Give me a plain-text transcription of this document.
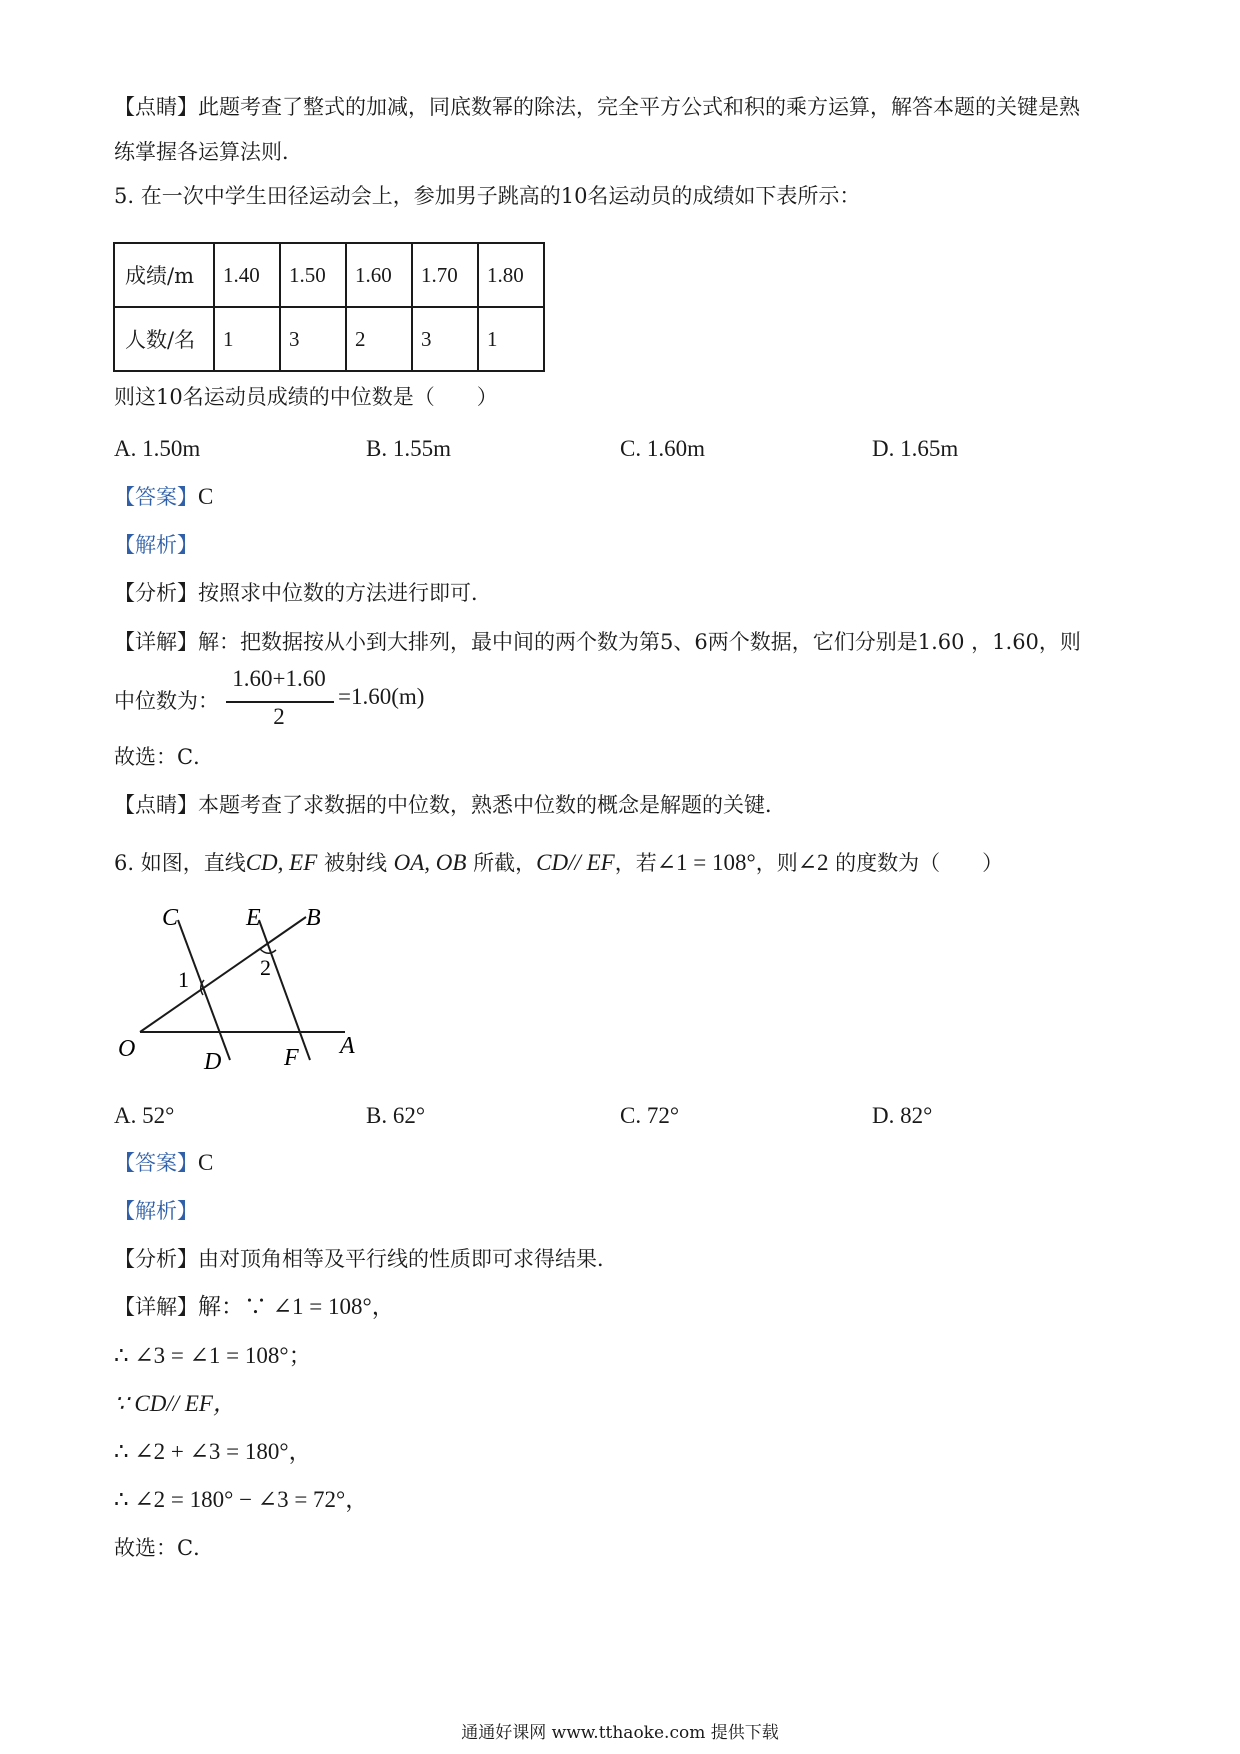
【点睛】此题考查了整式的加减，同底数幂的除法，完全平方公式和积的乘方运算，解答本题的关键是熟
练掌握各运算法则．
5. 在一次中学生田径运动会上，参加男子跳高的10名运动员的成绩如下表所示：
成绩/m	1.40	1.50	1.60	1.70	1.80
人数/名	1	3	2	3	1
则这10名运动员成绩的中位数是（　　）
A. 1.50m	B. 1.55m	C. 1.60m	D. 1.65m
【答案】C
【解析】
【分析】按照求中位数的方法进行即可．
【详解】解：把数据按从小到大排列，最中间的两个数为第5、6两个数据，它们分别是1.60 ，1.60，则
中位数为：
1.60+1.60
2
=1.60(m)
故选：C．
【点睛】本题考查了求数据的中位数，熟悉中位数的概念是解题的关键．
6. 如图，直线CD, EF 被射线 OA, OB 所截，CD// EF，若∠1 = 108°，则∠2 的度数为（　　）
C	E B
1	2
O	D	F A
A. 52°	B. 62°	C. 72°	D. 82°
【答案】C
【解析】
【分析】由对顶角相等及平行线的性质即可求得结果．
【详解】解：∵ ∠1 = 108°，
∴ ∠3 = ∠1 = 108°；
∵ CD// EF，
∴ ∠2 + ∠3 = 180°，
∴ ∠2 = 180° − ∠3 = 72°，
故选：C．
通通好课网 www.tthaoke.com 提供下载
